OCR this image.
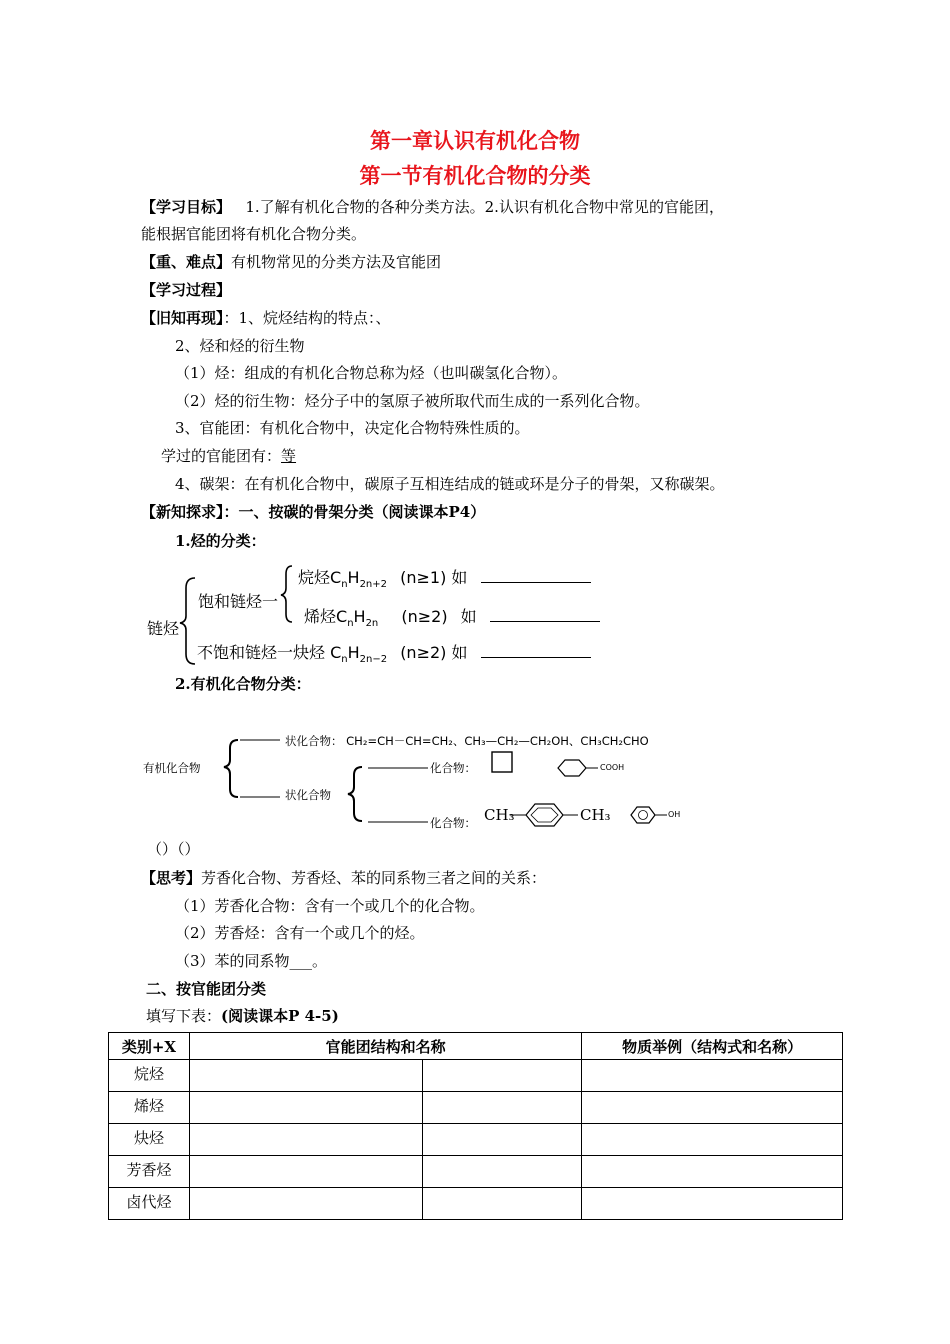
第一章认识有机化合物
第一节有机化合物的分类
【学习目标】 1.了解有机化合物的各种分类方法。2.认识有机化合物中常见的官能团，
能根据官能团将有机化合物分类。
【重、难点】有机物常见的分类方法及官能团
【学习过程】
【旧知再现】：1、烷烃结构的特点：、
2、烃和烃的衍生物
（1）烃：组成的有机化合物总称为烃（也叫碳氢化合物）。
（2）烃的衍生物：烃分子中的氢原子被所取代而生成的一系列化合物。
3、官能团：有机化合物中，决定化合物特殊性质的。
学过的官能团有：等
4、碳架：在有机化合物中，碳原子互相连结成的链或环是分子的骨架，又称碳架。
【新知探求】：一、按碳的骨架分类（阅读课本P4）
1.烃的分类：
链烃
饱和链烃一
烷烃$C_nH_{2n+2}$ (n≥1) 如
烯烃$C_nH_{2n}$ (n≥2) 如
不饱和链烃一炔烃 $C_nH_{2n-2}$ (n≥2) 如
2.有机化合物分类：
有机化合物
状化合物： CH₂=CH－CH=CH₂、CH₃—CH₂—CH₂OH、CH₃CH₂CHO
状化合物
化合物：
化合物：
COOH
CH₃	CH₃	OH
（）（）
【思考】芳香化合物、芳香烃、苯的同系物三者之间的关系：
（1）芳香化合物：含有一个或几个的化合物。
（2）芳香烃：含有一个或几个的烃。
（3）苯的同系物___。
二、按官能团分类
填写下表：(阅读课本P 4-5)
类别+X	官能团结构和名称		物质举例（结构式和名称）
烷烃			
烯烃			
炔烃			
芳香烃			
卤代烃			
